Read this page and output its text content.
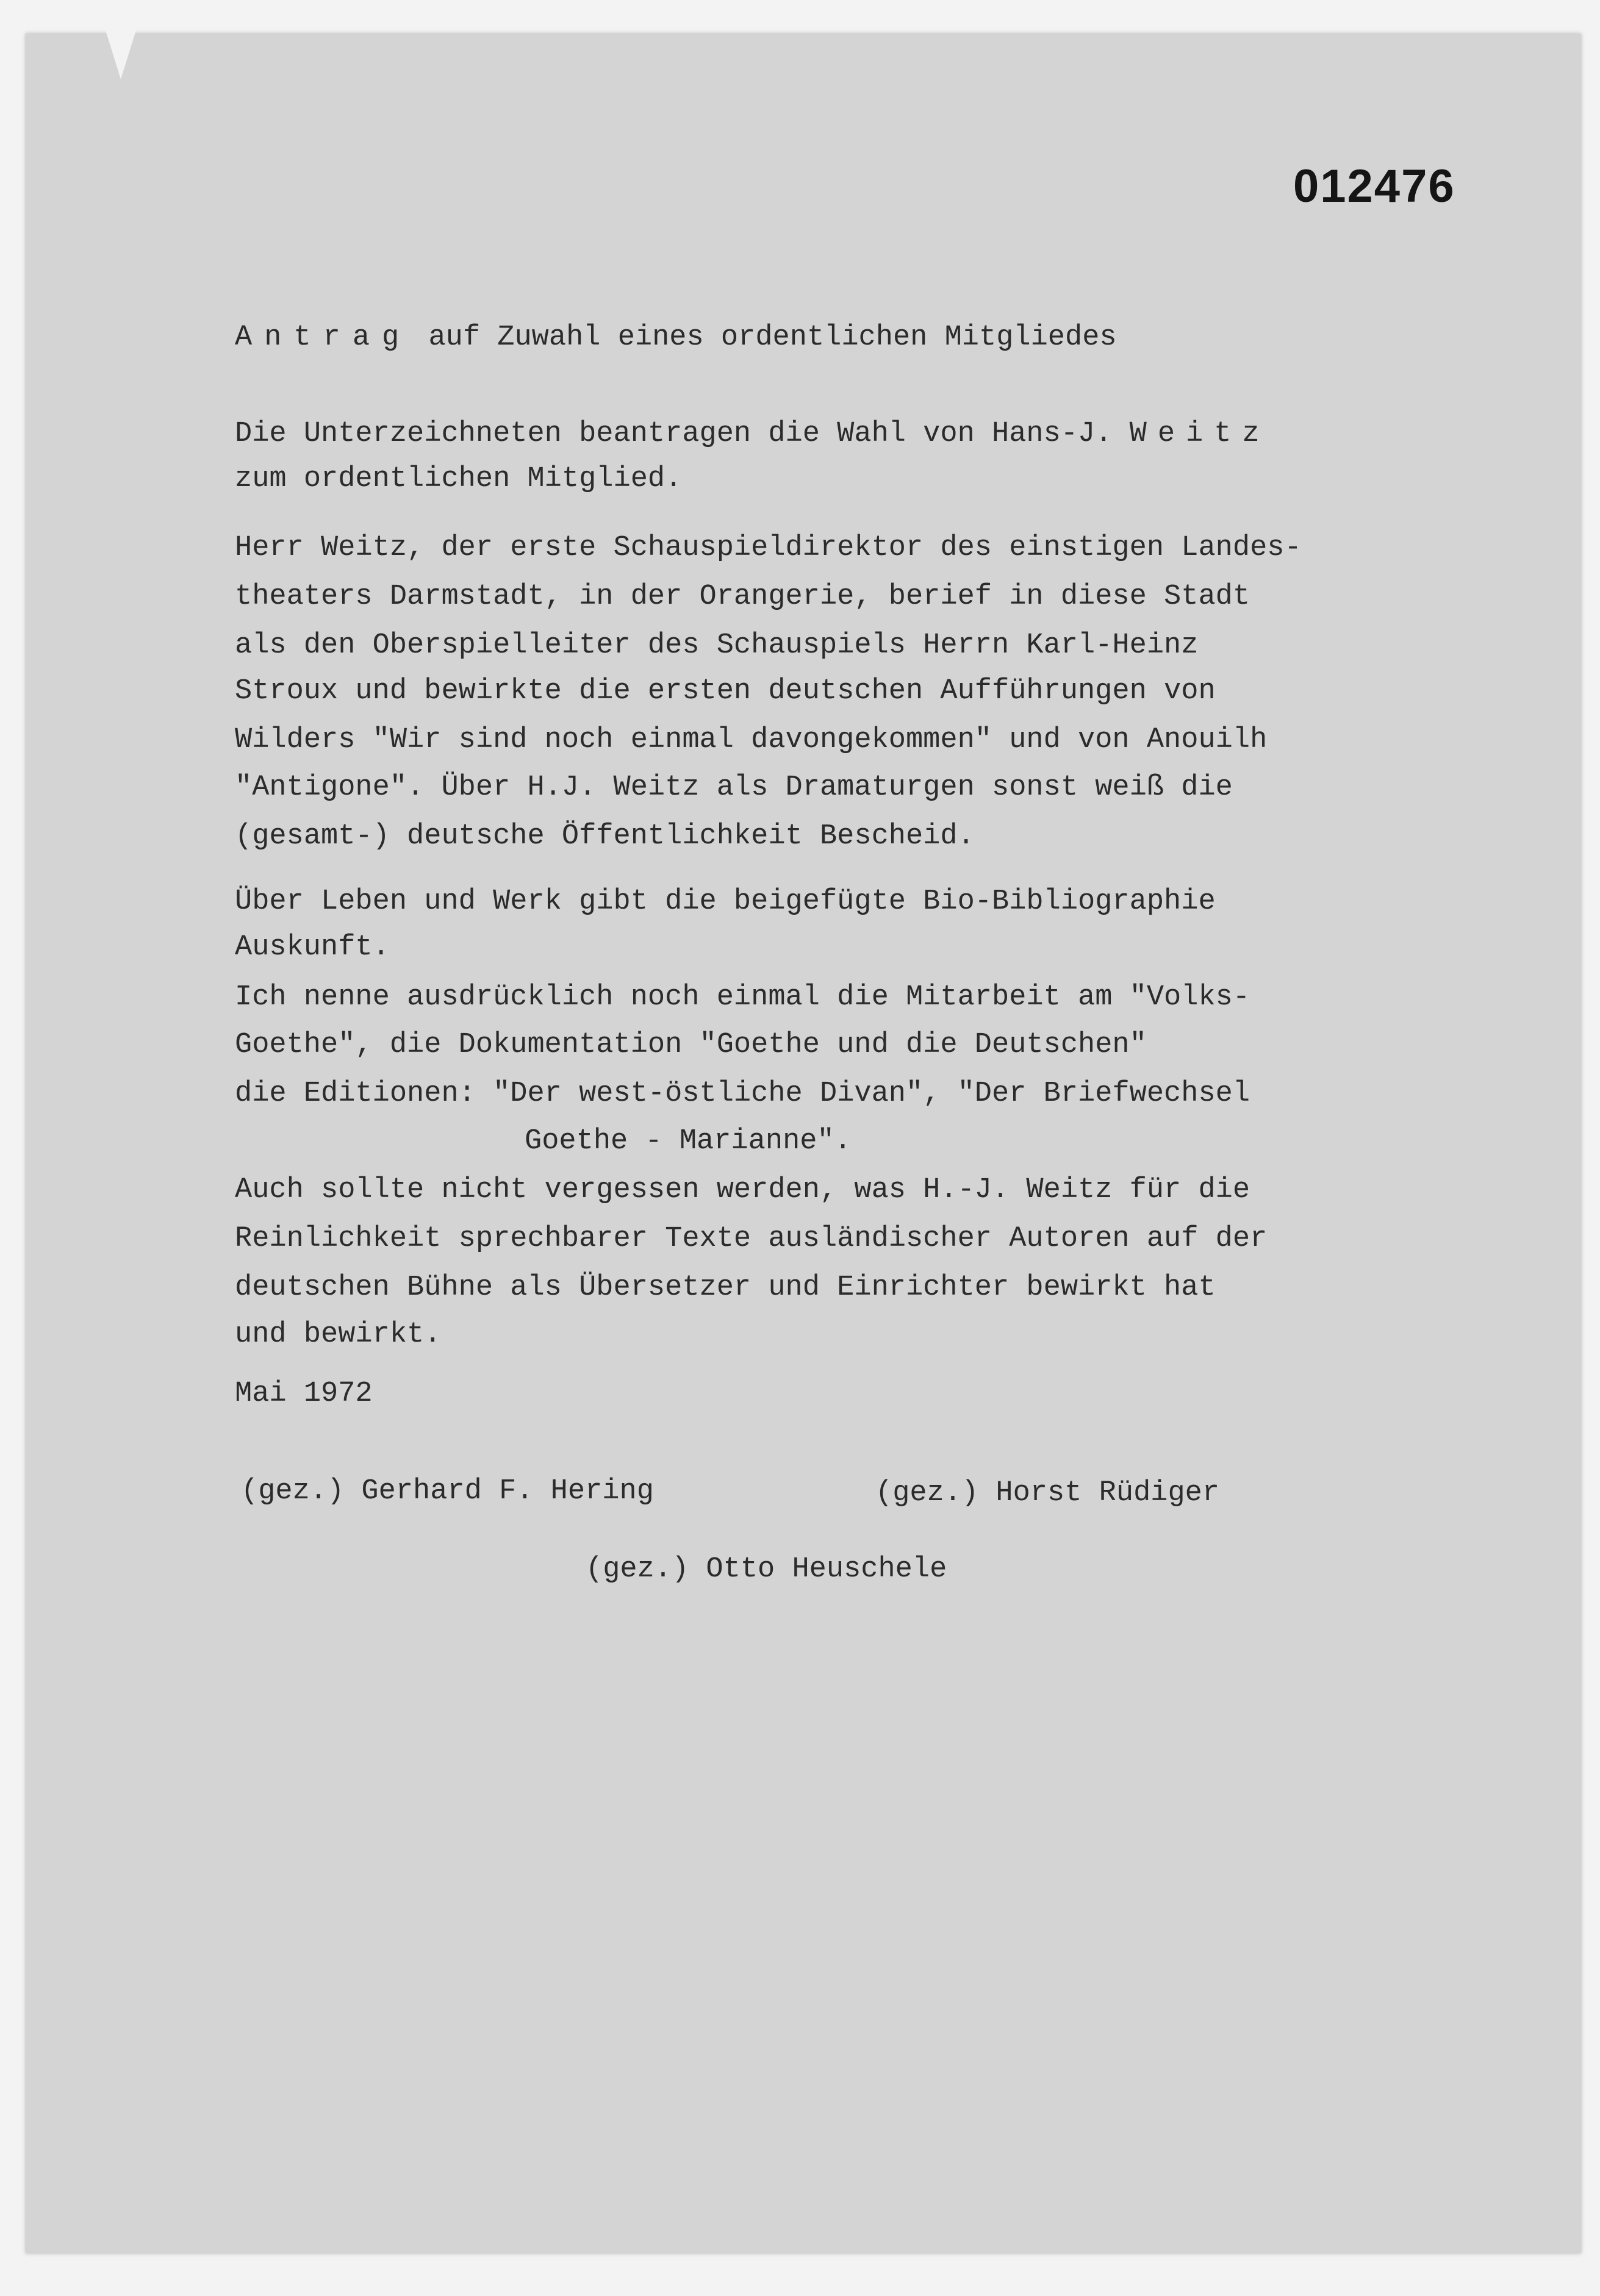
012476
Antrag auf Zuwahl eines ordentlichen Mitgliedes
Die Unterzeichneten beantragen die Wahl von Hans-J. Weitz
zum ordentlichen Mitglied.
Herr Weitz, der erste Schauspieldirektor des einstigen Landes-
theaters Darmstadt, in der Orangerie, berief in diese Stadt
als den Oberspielleiter des Schauspiels Herrn Karl-Heinz
Stroux und bewirkte die ersten deutschen Aufführungen von
Wilders "Wir sind noch einmal davongekommen" und von Anouilh
"Antigone". Über H.J. Weitz als Dramaturgen sonst weiß die
(gesamt-) deutsche Öffentlichkeit Bescheid.
Über Leben und Werk gibt die beigefügte Bio-Bibliographie
Auskunft.
Ich nenne ausdrücklich noch einmal die Mitarbeit am "Volks-
Goethe", die Dokumentation "Goethe und die Deutschen"
die Editionen: "Der west-östliche Divan", "Der Briefwechsel
Goethe - Marianne".
Auch sollte nicht vergessen werden, was H.-J. Weitz für die
Reinlichkeit sprechbarer Texte ausländischer Autoren auf der
deutschen Bühne als Übersetzer und Einrichter bewirkt hat
und bewirkt.
Mai 1972
(gez.) Gerhard F. Hering	(gez.) Horst Rüdiger
(gez.) Otto Heuschele
